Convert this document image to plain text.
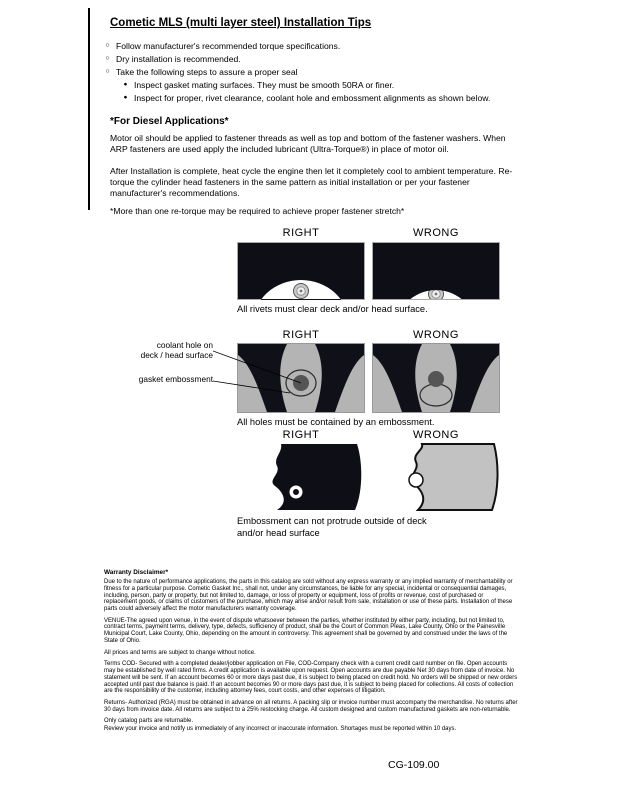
Cometic MLS (multi layer steel) Installation Tips
○ Follow manufacturer's recommended torque specifications.
○ Dry installation is recommended.
○ Take the following steps to assure a proper seal
● Inspect gasket mating surfaces. They must be smooth 50RA or finer.
● Inspect for proper, rivet clearance, coolant hole and embossment alignments as shown below.
*For Diesel Applications*
Motor oil should be applied to fastener threads as well as top and bottom of the fastener washers. When ARP fasteners are used apply the included lubricant (Ultra-Torque®) in place of motor oil.
After Installation is complete, heat cycle the engine then let it completely cool to ambient temperature. Re-torque the cylinder head fasteners in the same pattern as initial installation or per your fastener manufacturer's recommendations.
*More than one re-torque may be required to achieve proper fastener stretch*
RIGHT	WRONG
All rivets must clear deck and/or head surface.
RIGHT	WRONG
coolant hole on
deck / head surface
gasket embossment
All holes must be contained by an embossment.
RIGHT	WRONG
Embossment can not protrude outside of deck
and/or head surface
Warranty Disclaimer*

Due to the nature of performance applications, the parts in this catalog are sold without any express warranty or any implied warranty of merchantability or fitness for a particular purpose. Cometic Gasket Inc., shall not, under any circumstances, be liable for any special, incidental or consequential damages, including, person, party or property, but not limited to, damage, or loss of property or equipment, loss of profits or revenue, cost of purchased or replacement goods, or claims of customers of the purchase, which may arise and/or result from sale, installation or use of these parts. Installation of these parts could adversely affect the motor manufacturers warranty coverage.

VENUE-The agreed upon venue, in the event of dispute whatsoever between the parties, whether instituted by either party, including, but not limited to, contract terms, payment terms, delivery, type, defects, sufficiency of product, shall be the Court of Common Pleas, Lake County, Ohio or the Painesville Municipal Court, Lake County, Ohio, depending on the amount in controversy. This agreement shall be governed by and construed under the laws of the State of Ohio.

All prices and terms are subject to change without notice.

Terms COD- Secured with a completed dealer/jobber application on File, COD-Company check with a current credit card number on file. Open accounts may be established by well rated firms. A credit application is available upon request. Open accounts are due payable Net 30 days from date of invoice. No statement will be sent. If an account becomes 60 or more days past due, it is subject to being placed on credit hold. No orders will be shipped or new orders accepted until past due balance is paid. If an account becomes 90 or more days past due, it is subject to being placed for collections. All costs of collection are the responsibility of the customer, including attorney fees, court costs, and other expenses of litigation.

Returns- Authorized (RGA) must be obtained in advance on all returns. A packing slip or invoice number must accompany the merchandise. No returns after 30 days from invoice date. All returns are subject to a 25% restocking charge. All custom designed and custom manufactured gaskets are non-returnable.

Only catalog parts are returnable.

Review your invoice and notify us immediately of any incorrect or inaccurate information. Shortages must be reported within 10 days.

CG-109.00
